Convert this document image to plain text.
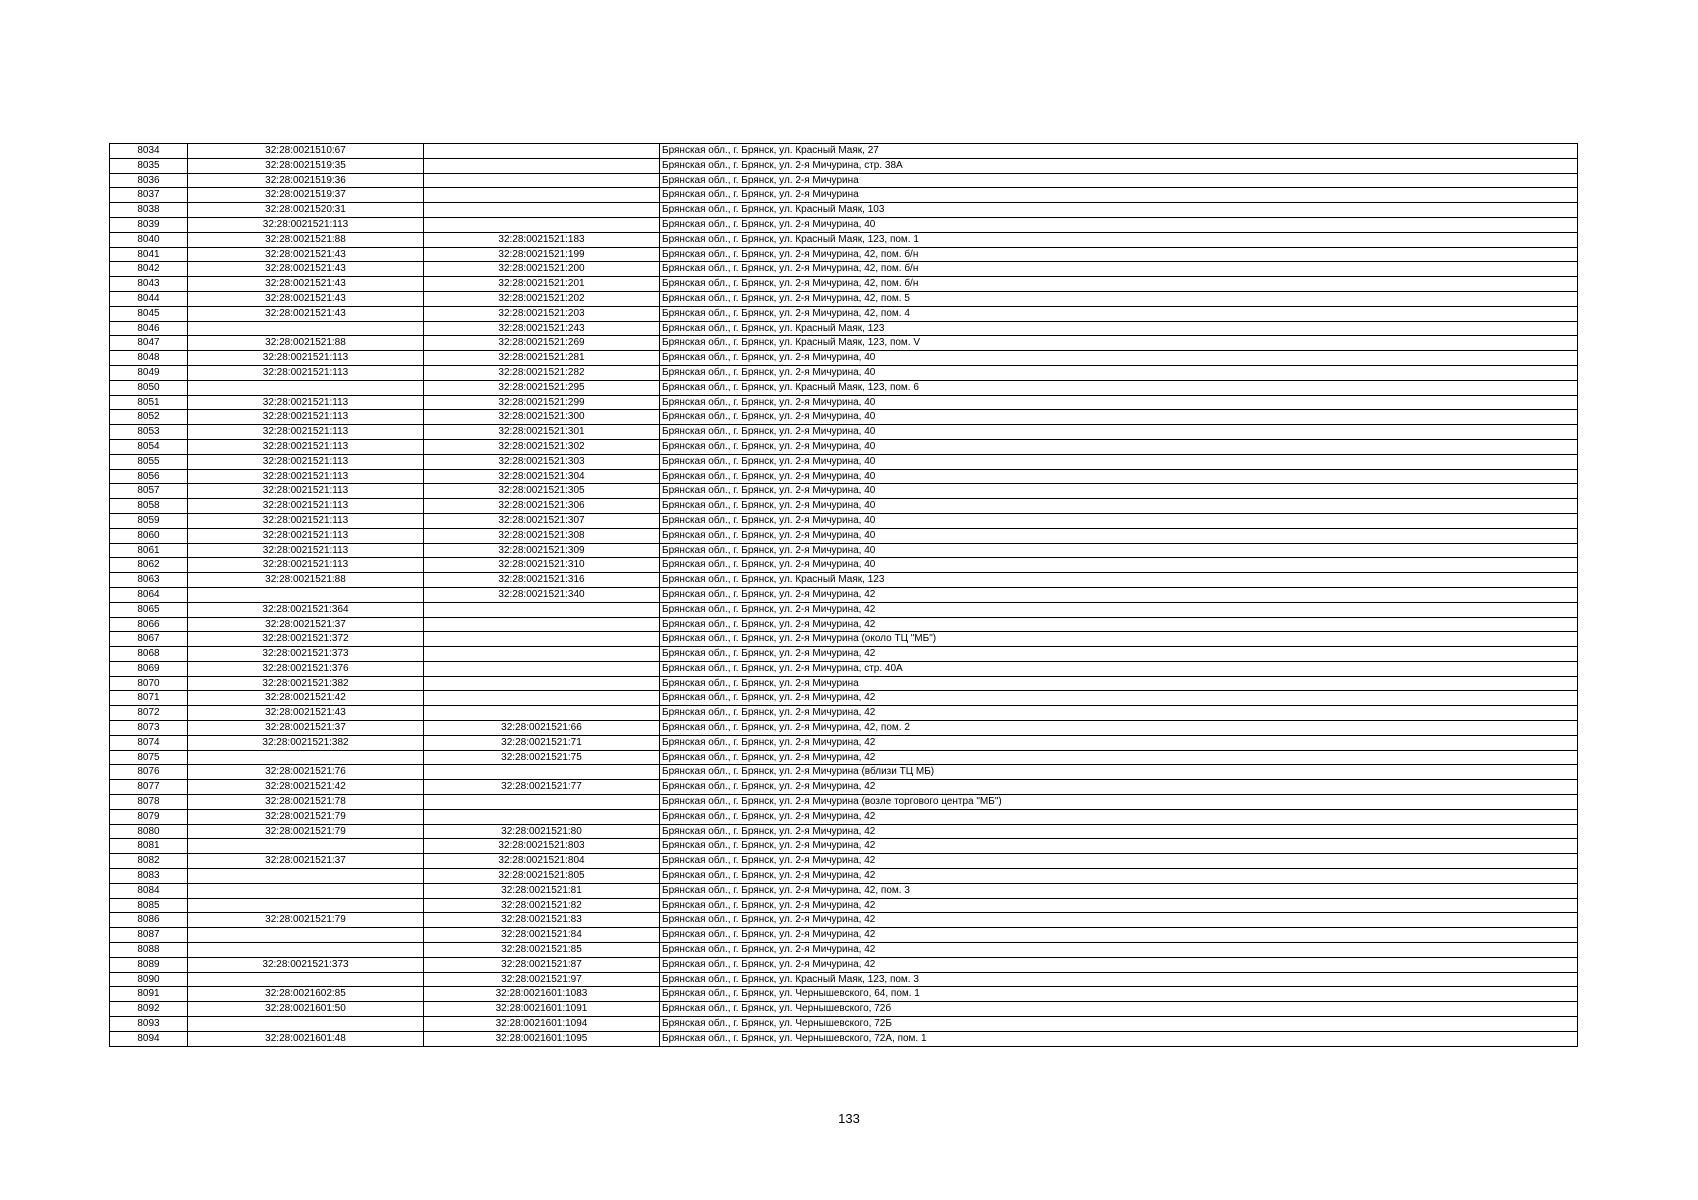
8034	32:28:0021510:67		Брянская обл., г. Брянск, ул. Красный Маяк, 27
8035	32:28:0021519:35		Брянская обл., г. Брянск, ул. 2-я Мичурина, стр. 38А
8036	32:28:0021519:36		Брянская обл., г. Брянск, ул. 2-я Мичурина
8037	32:28:0021519:37		Брянская обл., г. Брянск, ул. 2-я Мичурина
8038	32:28:0021520:31		Брянская обл., г. Брянск, ул. Красный Маяк, 103
8039	32:28:0021521:113		Брянская обл., г. Брянск, ул. 2-я Мичурина, 40
8040	32:28:0021521:88	32:28:0021521:183	Брянская обл., г. Брянск, ул. Красный Маяк, 123, пом. 1
8041	32:28:0021521:43	32:28:0021521:199	Брянская обл., г. Брянск, ул. 2-я Мичурина, 42, пом. б/н
8042	32:28:0021521:43	32:28:0021521:200	Брянская обл., г. Брянск, ул. 2-я Мичурина, 42, пом. б/н
8043	32:28:0021521:43	32:28:0021521:201	Брянская обл., г. Брянск, ул. 2-я Мичурина, 42, пом. б/н
8044	32:28:0021521:43	32:28:0021521:202	Брянская обл., г. Брянск, ул. 2-я Мичурина, 42, пом. 5
8045	32:28:0021521:43	32:28:0021521:203	Брянская обл., г. Брянск, ул. 2-я Мичурина, 42, пом. 4
8046		32:28:0021521:243	Брянская обл., г. Брянск, ул. Красный Маяк, 123
8047	32:28:0021521:88	32:28:0021521:269	Брянская обл., г. Брянск, ул. Красный Маяк, 123, пом. V
8048	32:28:0021521:113	32:28:0021521:281	Брянская обл., г. Брянск, ул. 2-я Мичурина, 40
8049	32:28:0021521:113	32:28:0021521:282	Брянская обл., г. Брянск, ул. 2-я Мичурина, 40
8050		32:28:0021521:295	Брянская обл., г. Брянск, ул. Красный Маяк, 123, пом. 6
8051	32:28:0021521:113	32:28:0021521:299	Брянская обл., г. Брянск, ул. 2-я Мичурина, 40
8052	32:28:0021521:113	32:28:0021521:300	Брянская обл., г. Брянск, ул. 2-я Мичурина, 40
8053	32:28:0021521:113	32:28:0021521:301	Брянская обл., г. Брянск, ул. 2-я Мичурина, 40
8054	32:28:0021521:113	32:28:0021521:302	Брянская обл., г. Брянск, ул. 2-я Мичурина, 40
8055	32:28:0021521:113	32:28:0021521:303	Брянская обл., г. Брянск, ул. 2-я Мичурина, 40
8056	32:28:0021521:113	32:28:0021521:304	Брянская обл., г. Брянск, ул. 2-я Мичурина, 40
8057	32:28:0021521:113	32:28:0021521:305	Брянская обл., г. Брянск, ул. 2-я Мичурина, 40
8058	32:28:0021521:113	32:28:0021521:306	Брянская обл., г. Брянск, ул. 2-я Мичурина, 40
8059	32:28:0021521:113	32:28:0021521:307	Брянская обл., г. Брянск, ул. 2-я Мичурина, 40
8060	32:28:0021521:113	32:28:0021521:308	Брянская обл., г. Брянск, ул. 2-я Мичурина, 40
8061	32:28:0021521:113	32:28:0021521:309	Брянская обл., г. Брянск, ул. 2-я Мичурина, 40
8062	32:28:0021521:113	32:28:0021521:310	Брянская обл., г. Брянск, ул. 2-я Мичурина, 40
8063	32:28:0021521:88	32:28:0021521:316	Брянская обл., г. Брянск, ул. Красный Маяк, 123
8064		32:28:0021521:340	Брянская обл., г. Брянск, ул. 2-я Мичурина, 42
8065	32:28:0021521:364		Брянская обл., г. Брянск, ул. 2-я Мичурина, 42
8066	32:28:0021521:37		Брянская обл., г. Брянск, ул. 2-я Мичурина, 42
8067	32:28:0021521:372		Брянская обл., г. Брянск, ул. 2-я Мичурина (около ТЦ "МБ")
8068	32:28:0021521:373		Брянская обл., г. Брянск, ул. 2-я Мичурина, 42
8069	32:28:0021521:376		Брянская обл., г. Брянск, ул. 2-я Мичурина, стр. 40А
8070	32:28:0021521:382		Брянская обл., г. Брянск, ул. 2-я Мичурина
8071	32:28:0021521:42		Брянская обл., г. Брянск, ул. 2-я Мичурина, 42
8072	32:28:0021521:43		Брянская обл., г. Брянск, ул. 2-я Мичурина, 42
8073	32:28:0021521:37	32:28:0021521:66	Брянская обл., г. Брянск, ул. 2-я Мичурина, 42, пом. 2
8074	32:28:0021521:382	32:28:0021521:71	Брянская обл., г. Брянск, ул. 2-я Мичурина, 42
8075		32:28:0021521:75	Брянская обл., г. Брянск, ул. 2-я Мичурина, 42
8076	32:28:0021521:76		Брянская обл., г. Брянск, ул. 2-я Мичурина (вблизи ТЦ МБ)
8077	32:28:0021521:42	32:28:0021521:77	Брянская обл., г. Брянск, ул. 2-я Мичурина, 42
8078	32:28:0021521:78		Брянская обл., г. Брянск, ул. 2-я Мичурина (возле торгового центра "МБ")
8079	32:28:0021521:79		Брянская обл., г. Брянск, ул. 2-я Мичурина, 42
8080	32:28:0021521:79	32:28:0021521:80	Брянская обл., г. Брянск, ул. 2-я Мичурина, 42
8081		32:28:0021521:803	Брянская обл., г. Брянск, ул. 2-я Мичурина, 42
8082	32:28:0021521:37	32:28:0021521:804	Брянская обл., г. Брянск, ул. 2-я Мичурина, 42
8083		32:28:0021521:805	Брянская обл., г. Брянск, ул. 2-я Мичурина, 42
8084		32:28:0021521:81	Брянская обл., г. Брянск, ул. 2-я Мичурина, 42, пом. 3
8085		32:28:0021521:82	Брянская обл., г. Брянск, ул. 2-я Мичурина, 42
8086	32:28:0021521:79	32:28:0021521:83	Брянская обл., г. Брянск, ул. 2-я Мичурина, 42
8087		32:28:0021521:84	Брянская обл., г. Брянск, ул. 2-я Мичурина, 42
8088		32:28:0021521:85	Брянская обл., г. Брянск, ул. 2-я Мичурина, 42
8089	32:28:0021521:373	32:28:0021521:87	Брянская обл., г. Брянск, ул. 2-я Мичурина, 42
8090		32:28:0021521:97	Брянская обл., г. Брянск, ул. Красный Маяк, 123, пом. 3
8091	32:28:0021602:85	32:28:0021601:1083	Брянская обл., г. Брянск, ул. Чернышевского, 64, пом. 1
8092	32:28:0021601:50	32:28:0021601:1091	Брянская обл., г. Брянск, ул. Чернышевского, 72б
8093		32:28:0021601:1094	Брянская обл., г. Брянск, ул. Чернышевского, 72Б
8094	32:28:0021601:48	32:28:0021601:1095	Брянская обл., г. Брянск, ул. Чернышевского, 72А, пом. 1
133
